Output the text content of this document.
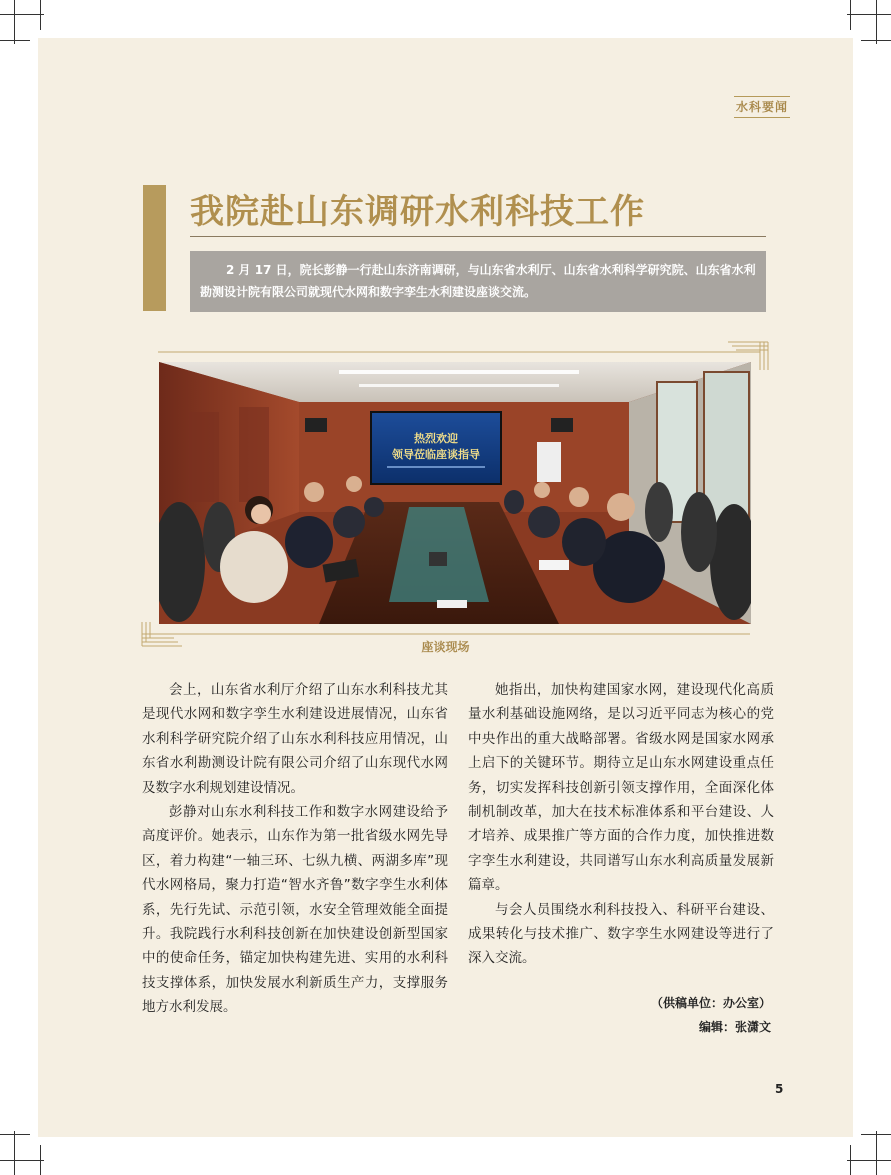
水科要闻
我院赴山东调研水利科技工作

2 月 17 日，院长彭静一行赴山东济南调研，与山东省水利厅、山东省水利科学研究院、山东省水利勘测设计院有限公司就现代水网和数字孪生水利建设座谈交流。

热烈欢迎
领导莅临座谈指导
座谈现场

会上，山东省水利厅介绍了山东水利科技尤其是现代水网和数字孪生水利建设进展情况，山东省水利科学研究院介绍了山东水利科技应用情况，山东省水利勘测设计院有限公司介绍了山东现代水网及数字水利规划建设情况。

彭静对山东水利科技工作和数字水网建设给予高度评价。她表示，山东作为第一批省级水网先导区，着力构建“一轴三环、七纵九横、两湖多库”现代水网格局，聚力打造“智水齐鲁”数字孪生水利体系，先行先试、示范引领，水安全管理效能全面提升。我院践行水利科技创新在加快建设创新型国家中的使命任务，锚定加快构建先进、实用的水利科技支撑体系，加快发展水利新质生产力，支撑服务地方水利发展。

她指出，加快构建国家水网，建设现代化高质量水利基础设施网络，是以习近平同志为核心的党中央作出的重大战略部署。省级水网是国家水网承上启下的关键环节。期待立足山东水网建设重点任务，切实发挥科技创新引领支撑作用，全面深化体制机制改革，加大在技术标准体系和平台建设、人才培养、成果推广等方面的合作力度，加快推进数字孪生水利建设，共同谱写山东水利高质量发展新篇章。

与会人员围绕水利科技投入、科研平台建设、成果转化与技术推广、数字孪生水网建设等进行了深入交流。

（供稿单位：办公室）
编辑：张潇文
5
